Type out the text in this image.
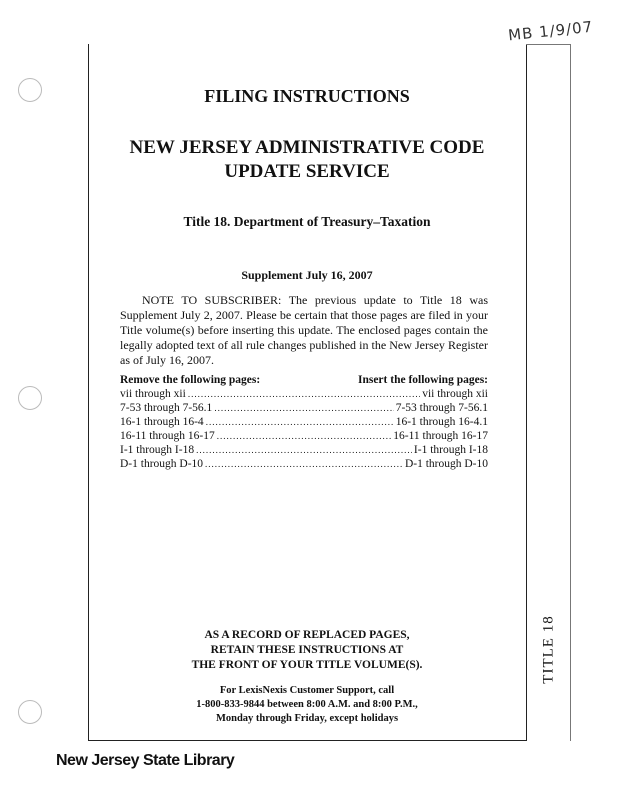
MB 1/9/07
TITLE 18
FILING INSTRUCTIONS
NEW JERSEY ADMINISTRATIVE CODE
UPDATE SERVICE
Title 18. Department of Treasury–Taxation
Supplement July 16, 2007
NOTE TO SUBSCRIBER: The previous update to Title 18 was Supplement July 2, 2007. Please be certain that those pages are filed in your Title volume(s) before inserting this update. The enclosed pages contain the legally adopted text of all rule changes published in the New Jersey Register as of July 16, 2007.
Remove the following pages:	Insert the following pages:
vii through xii .....	vii through xii
7-53 through 7-56.1 .....	7-53 through 7-56.1
16-1 through 16-4 .....	16-1 through 16-4.1
16-11 through 16-17 .....	16-11 through 16-17
I-1 through I-18 .....	I-1 through I-18
D-1 through D-10 .....	D-1 through D-10
AS A RECORD OF REPLACED PAGES,
RETAIN THESE INSTRUCTIONS AT
THE FRONT OF YOUR TITLE VOLUME(S).
For LexisNexis Customer Support, call
1-800-833-9844 between 8:00 A.M. and 8:00 P.M.,
Monday through Friday, except holidays
New Jersey State Library
